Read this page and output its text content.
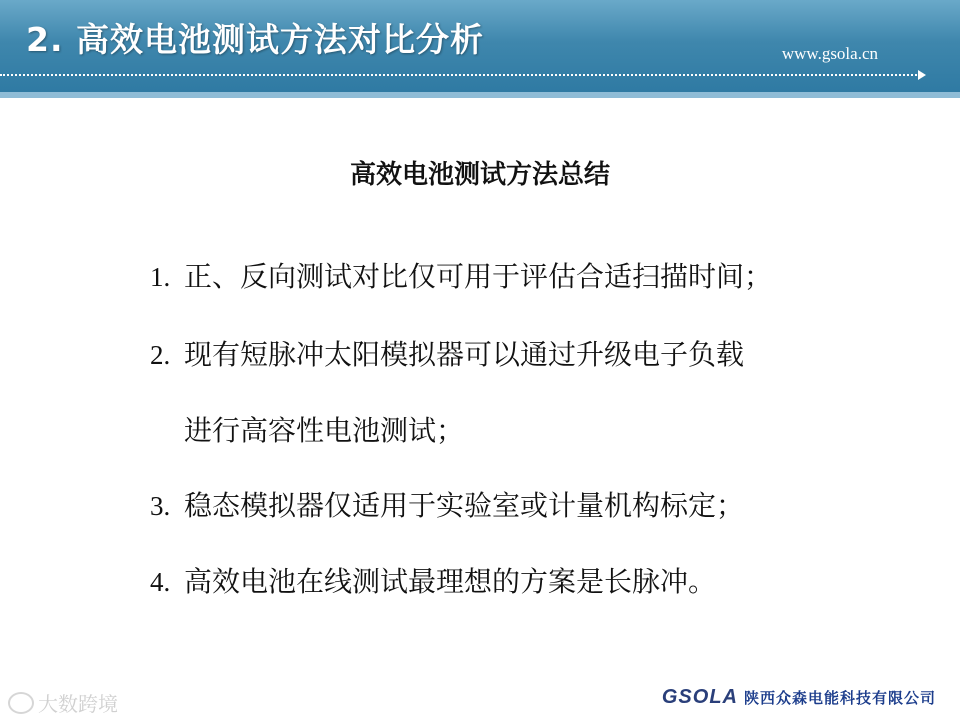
2. 高效电池测试方法对比分析	www.gsola.cn
高效电池测试方法总结
1. 正、反向测试对比仅可用于评估合适扫描时间；
2. 现有短脉冲太阳模拟器可以通过升级电子负载
进行高容性电池测试；
3. 稳态模拟器仅适用于实验室或计量机构标定；
4. 高效电池在线测试最理想的方案是长脉冲。
大数跨境	GSOLA 陕西众森电能科技有限公司
